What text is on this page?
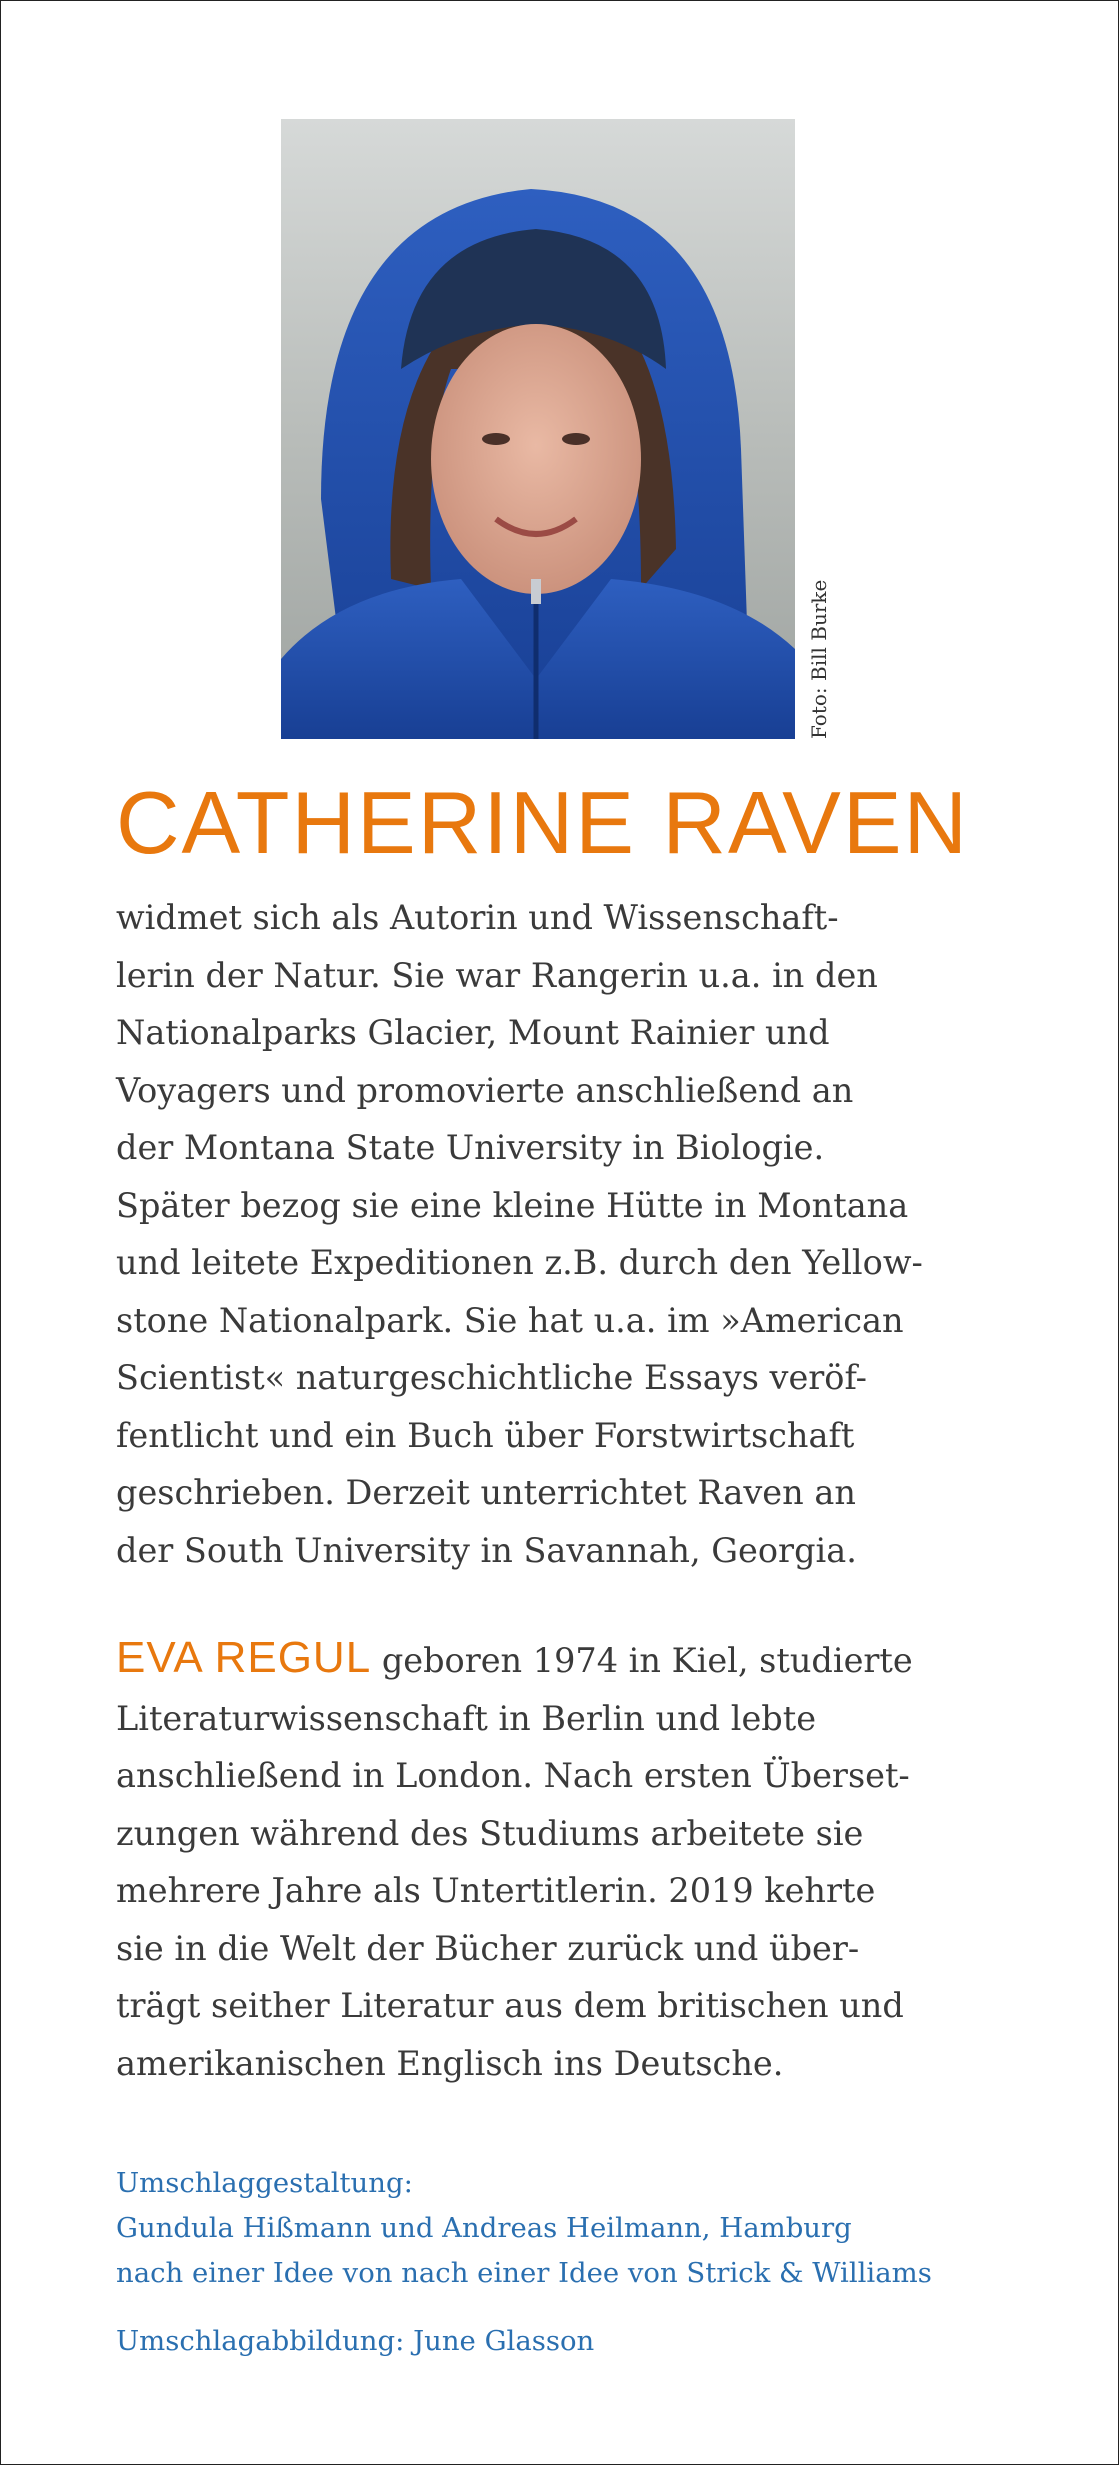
Foto: Bill Burke
CATHERINE RAVEN

widmet sich als Autorin und Wissenschaft-
lerin der Natur. Sie war Rangerin u.a. in den
Nationalparks Glacier, Mount Rainier und
Voyagers und promovierte anschließend an
der Montana State University in Biologie.
Später bezog sie eine kleine Hütte in Montana
und leitete Expeditionen z.B. durch den Yellow-
stone Nationalpark. Sie hat u.a. im »American
Scientist« naturgeschichtliche Essays veröf-
fentlicht und ein Buch über Forstwirtschaft
geschrieben. Derzeit unterrichtet Raven an
der South University in Savannah, Georgia.

EVA REGUL geboren 1974 in Kiel, studierte
Literaturwissenschaft in Berlin und lebte
anschließend in London. Nach ersten Überset-
zungen während des Studiums arbeitete sie
mehrere Jahre als Untertitlerin. 2019 kehrte
sie in die Welt der Bücher zurück und über-
trägt seither Literatur aus dem britischen und
amerikanischen Englisch ins Deutsche.

Umschlaggestaltung:
Gundula Hißmann und Andreas Heilmann, Hamburg
nach einer Idee von nach einer Idee von Strick & Williams
Umschlagabbildung: June Glasson
